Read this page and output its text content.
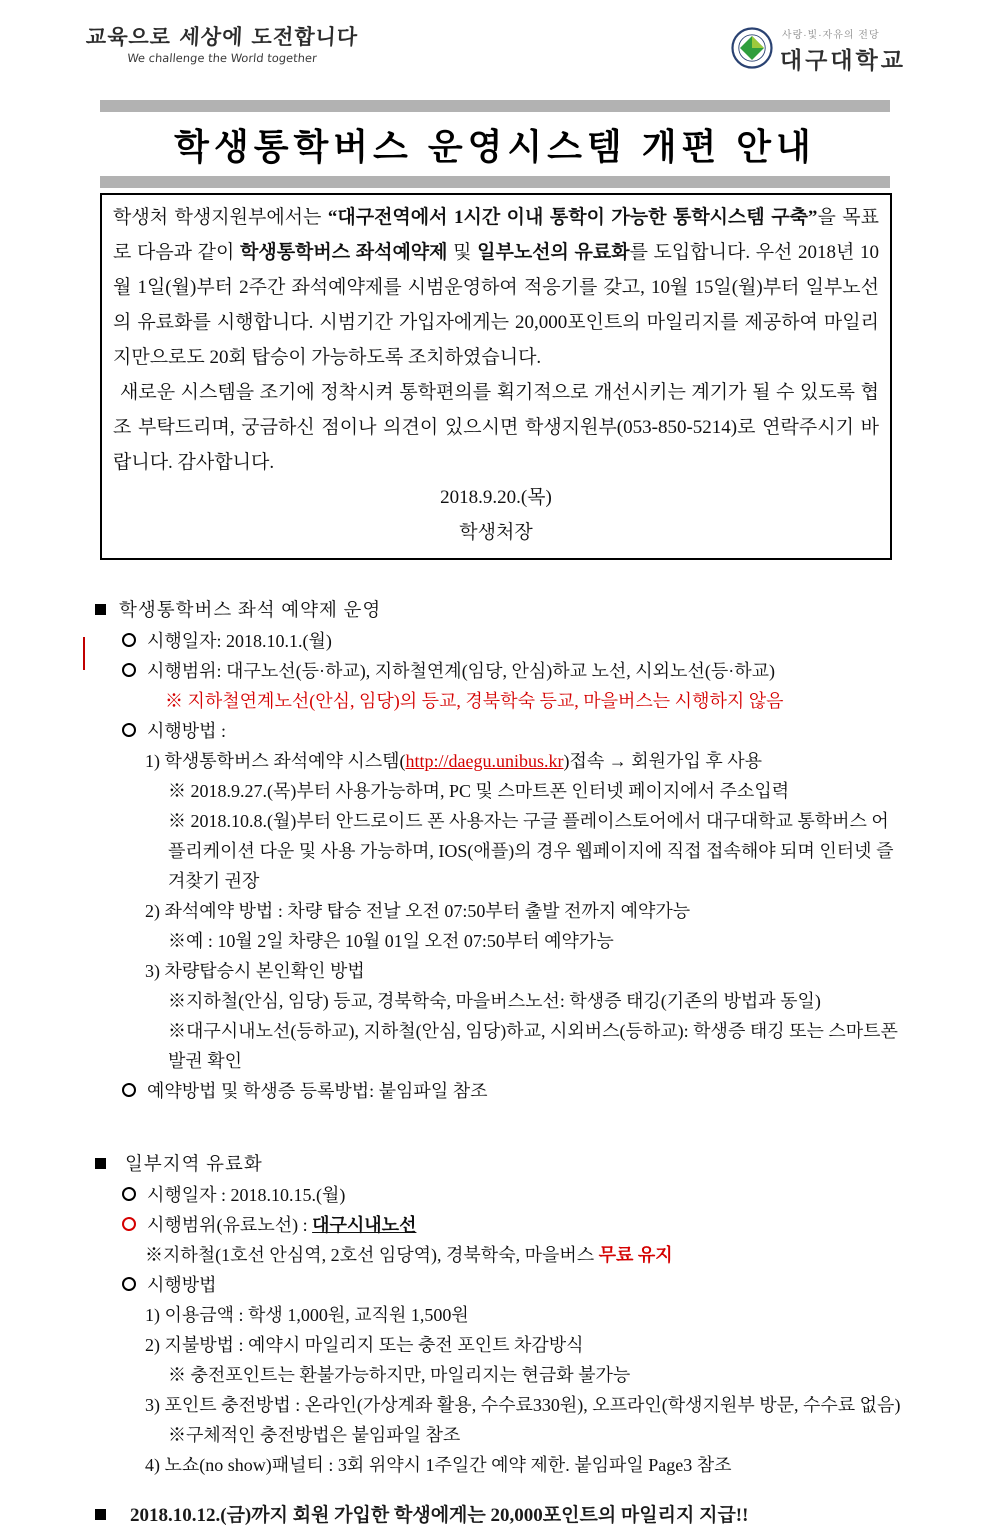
교육으로 세상에 도전합니다
We challenge the World together
사랑·빛·자유의 전당
대구대학교
학생통학버스 운영시스템 개편 안내
학생처 학생지원부에서는 “대구전역에서 1시간 이내 통학이 가능한 통학시스템 구축”을 목표로 다음과 같이 학생통학버스 좌석예약제 및 일부노선의 유료화를 도입합니다. 우선 2018년 10월 1일(월)부터 2주간 좌석예약제를 시범운영하여 적응기를 갖고, 10월 15일(월)부터 일부노선의 유료화를 시행합니다. 시범기간 가입자에게는 20,000포인트의 마일리지를 제공하여 마일리지만으로도 20회 탑승이 가능하도록 조치하였습니다.
새로운 시스템을 조기에 정착시켜 통학편의를 획기적으로 개선시키는 계기가 될 수 있도록 협조 부탁드리며, 궁금하신 점이나 의견이 있으시면 학생지원부(053-850-5214)로 연락주시기 바랍니다. 감사합니다.
2018.9.20.(목)
학생처장
학생통학버스 좌석 예약제 운영
시행일자: 2018.10.1.(월)
시행범위: 대구노선(등·하교), 지하철연계(임당, 안심)하교 노선, 시외노선(등·하교)
※ 지하철연계노선(안심, 임당)의 등교, 경북학숙 등교, 마을버스는 시행하지 않음
시행방법 :
1) 학생통학버스 좌석예약 시스템(http://daegu.unibus.kr)접속 → 회원가입 후 사용
※ 2018.9.27.(목)부터 사용가능하며, PC 및 스마트폰 인터넷 페이지에서 주소입력
※ 2018.10.8.(월)부터 안드로이드 폰 사용자는 구글 플레이스토어에서 대구대학교 통학버스 어플리케이션 다운 및 사용 가능하며, IOS(애플)의 경우 웹페이지에 직접 접속해야 되며 인터넷 즐겨찾기 권장
2) 좌석예약 방법 : 차량 탑승 전날 오전 07:50부터 출발 전까지 예약가능
※예 : 10월 2일 차량은 10월 01일 오전 07:50부터 예약가능
3) 차량탑승시 본인확인 방법
※지하철(안심, 임당) 등교, 경북학숙, 마을버스노선: 학생증 태깅(기존의 방법과 동일)
※대구시내노선(등하교), 지하철(안심, 임당)하교, 시외버스(등하교): 학생증 태깅 또는 스마트폰 발권 확인
예약방법 및 학생증 등록방법: 붙임파일 참조
일부지역 유료화
시행일자 : 2018.10.15.(월)
시행범위(유료노선) : 대구시내노선
※지하철(1호선 안심역, 2호선 임당역), 경북학숙, 마을버스 무료 유지
시행방법
1) 이용금액 : 학생 1,000원, 교직원 1,500원
2) 지불방법 : 예약시 마일리지 또는 충전 포인트 차감방식
※ 충전포인트는 환불가능하지만, 마일리지는 현금화 불가능
3) 포인트 충전방법 : 온라인(가상계좌 활용, 수수료330원), 오프라인(학생지원부 방문, 수수료 없음)
※구체적인 충전방법은 붙임파일 참조
4) 노쇼(no show)패널티 : 3회 위약시 1주일간 예약 제한. 붙임파일 Page3 참조
2018.10.12.(금)까지 회원 가입한 학생에게는 20,000포인트의 마일리지 지급!!
